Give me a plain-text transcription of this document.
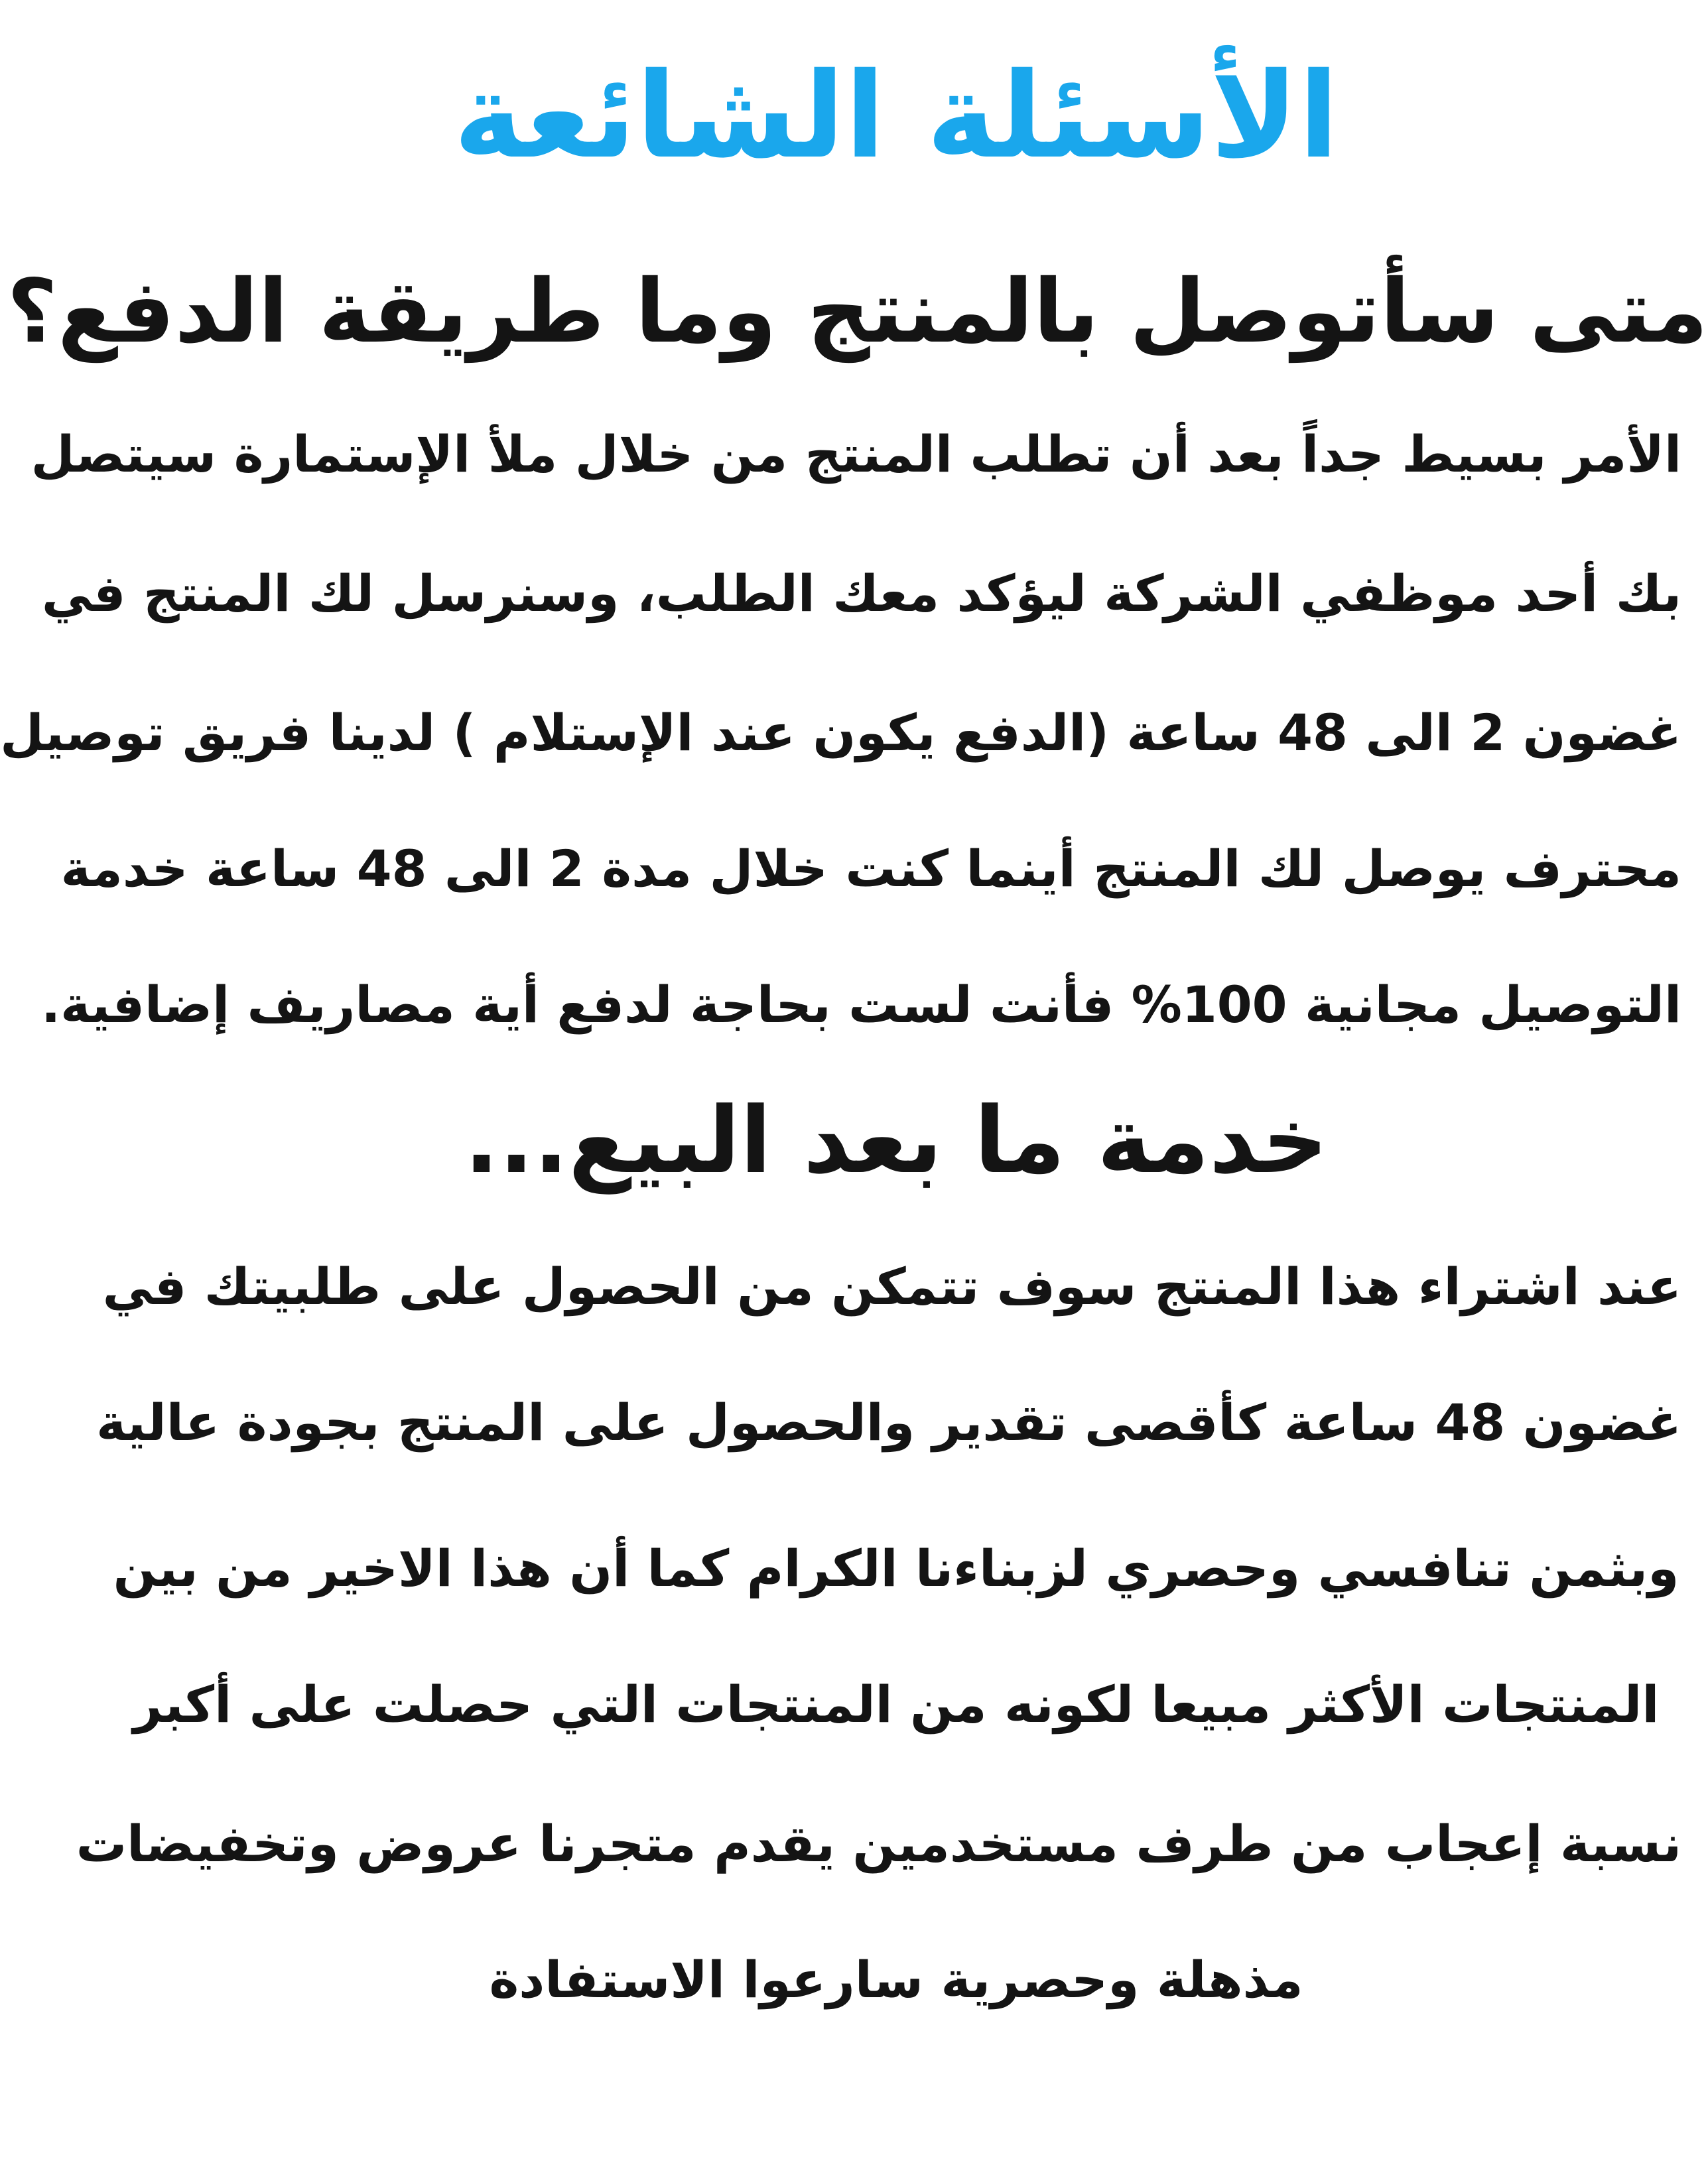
الأسئلة الشائعة
متى سأتوصل بالمنتج وما طريقة الدفع؟
الأمر بسيط جداً بعد أن تطلب المنتج من خلال ملأ الإستمارة سيتصل
بك أحد موظفي الشركة ليؤكد معك الطلب، وسنرسل لك المنتج في
غضون 2 الى 48 ساعة (الدفع يكون عند الإستلام ) لدينا فريق توصيل
محترف يوصل لك المنتج أينما كنت خلال مدة 2 الى 48 ساعة خدمة
التوصيل مجانية 100% فأنت لست بحاجة لدفع أية مصاريف إضافية.
خدمة ما بعد البيع...
عند اشتراء هذا المنتج سوف تتمكن من الحصول على طلبيتك في
غضون 48 ساعة كأقصى تقدير والحصول على المنتج بجودة عالية
وبثمن تنافسي وحصري لزبناءنا الكرام كما أن هذا الاخير من بين
المنتجات الأكثر مبيعا لكونه من المنتجات التي حصلت على أكبر
نسبة إعجاب من طرف مستخدمين يقدم متجرنا عروض وتخفيضات
مذهلة وحصرية سارعوا الاستفادة
